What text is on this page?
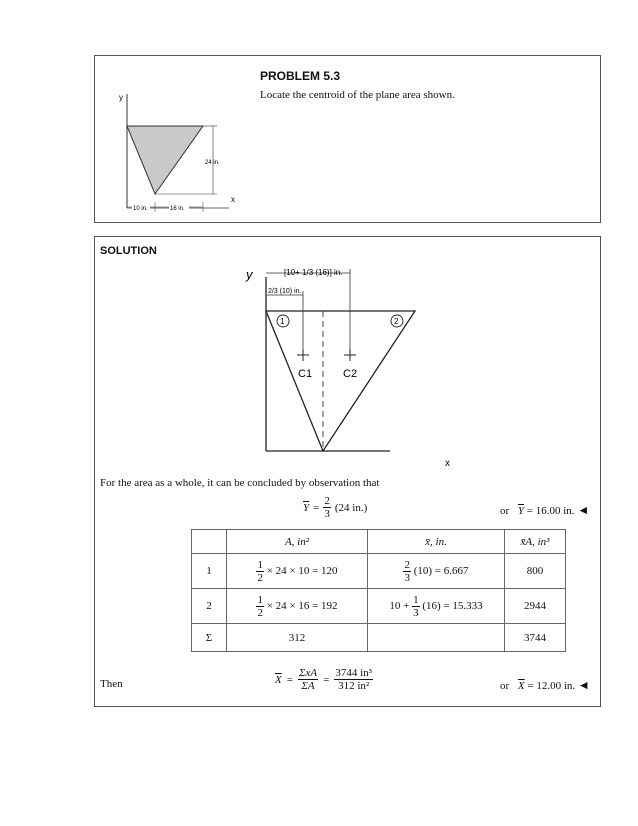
y
x
24 in.
10 in.	16 in.
PROBLEM 5.3
Locate the centroid of the plane area shown.
SOLUTION
y
x
[10+ 1/3 (16)] in.
2/3 (10) in.
1	2
C1	C2
For the area as a whole, it can be concluded by observation that
$\overline{Y} = \frac{2}{3} (24$ in.)	or $\overline{Y} = 16.00$ in. ◄
	A, in²	x̄, in.	x̄A, in³
1	$\frac{1}{2} \times 24 \times 10 = 120$	$\frac{2}{3} (10) = 6.667$	800
2	$\frac{1}{2} \times 24 \times 16 = 192$	$10 + \frac{1}{3} (16) = 15.333$	2944
Σ	312		3744
Then	$\overline{X} = \frac{\text{ΣxA}}{\Sigma A} = \frac{\text{3744 in³}}{\text{312 in²}}$	or $\overline{X} = 12.00$ in. ◄
